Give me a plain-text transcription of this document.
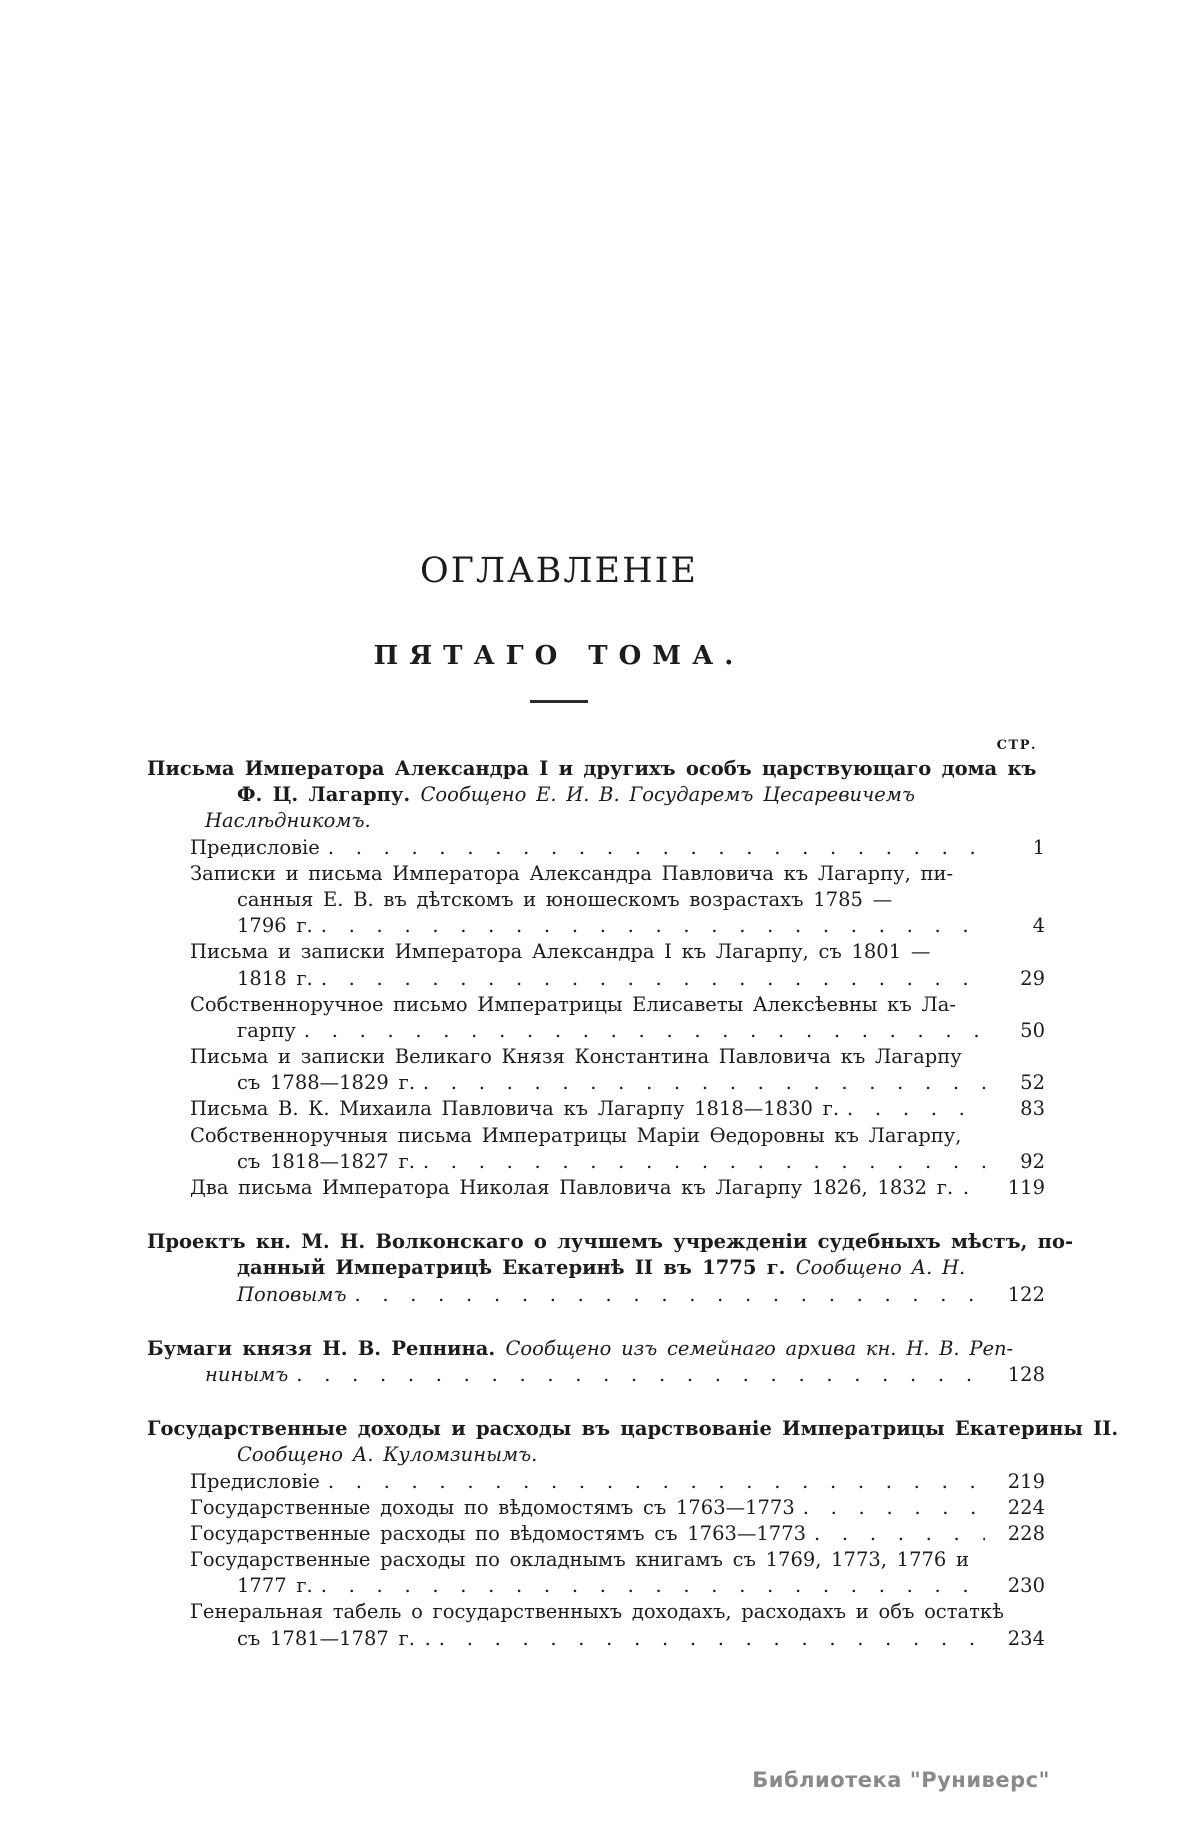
ОГЛАВЛЕНІЕ
ПЯТАГО ТОМА.
СТР.
Письма Императора Александра I и другихъ особъ царствующаго дома къ
Ф. Ц. Лагарпу. Сообщено Е. И. В. Государемъ Цесаревичемъ
Наслѣдникомъ.
Предисловіе . . .	1
Записки и письма Императора Александра Павловича къ Лагарпу, пи-
санныя Е. В. въ дѣтскомъ и юношескомъ возрастахъ 1785 —
1796 г. . . .	4
Письма и записки Императора Александра I къ Лагарпу, съ 1801 —
1818 г. . . .	29
Собственноручное письмо Императрицы Елисаветы Алексѣевны къ Ла-
гарпу . . .	50
Письма и записки Великаго Князя Константина Павловича къ Лагарпу
съ 1788—1829 г. . . .	52
Письма В. К. Михаила Павловича къ Лагарпу 1818—1830 г. . . .	83
Собственноручныя письма Императрицы Маріи Ѳедоровны къ Лагарпу,
съ 1818—1827 г. . . .	92
Два письма Императора Николая Павловича къ Лагарпу 1826, 1832 г. .	119
Проектъ кн. М. Н. Волконскаго о лучшемъ учрежденіи судебныхъ мѣстъ, по-
данный Императрицѣ Екатеринѣ II въ 1775 г. Сообщено А. Н.
Поповымъ . . .	122
Бумаги князя Н. В. Репнина. Сообщено изъ семейнаго архива кн. Н. В. Реп-
нинымъ . . .	128
Государственные доходы и расходы въ царствованіе Императрицы Екатерины II.
Сообщено А. Куломзинымъ.
Предисловіе . . .	219
Государственные доходы по вѣдомостямъ съ 1763—1773 . . .	224
Государственные расходы по вѣдомостямъ съ 1763—1773 . . .	228
Государственные расходы по окладнымъ книгамъ съ 1769, 1773, 1776 и
1777 г. . . .	230
Генеральная табель о государственныхъ доходахъ, расходахъ и объ остаткѣ
съ 1781—1787 г. . . . .	234
Библиотека "Руниверс"
